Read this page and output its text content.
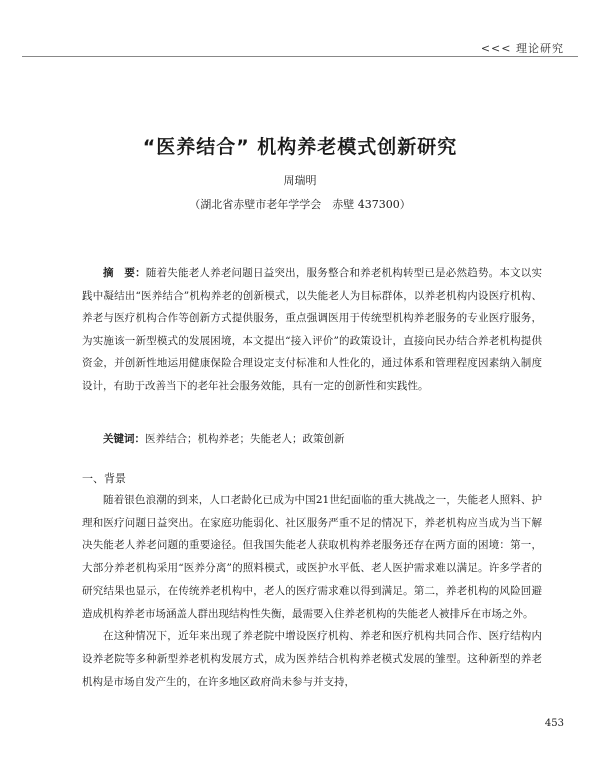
<<< 理论研究
“医养结合” 机构养老模式创新研究
周瑞明
（湖北省赤壁市老年学学会　赤壁 437300）
摘　要：随着失能老人养老问题日益突出，服务整合和养老机构转型已是必然趋势。本文以实践中凝结出“医养结合”机构养老的创新模式，以失能老人为目标群体，以养老机构内设医疗机构、养老与医疗机构合作等创新方式提供服务，重点强调医用于传统型机构养老服务的专业医疗服务，为实施该一新型模式的发展困境，本文提出“接入评价”的政策设计，直接向民办结合养老机构提供资金，并创新性地运用健康保险合理设定支付标准和人性化的，通过体系和管理程度因素纳入制度设计，有助于改善当下的老年社会服务效能，具有一定的创新性和实践性。
关键词：医养结合；机构养老；失能老人；政策创新
一、背景

随着银色浪潮的到来，人口老龄化已成为中国21世纪面临的重大挑战之一，失能老人照料、护理和医疗问题日益突出。在家庭功能弱化、社区服务严重不足的情况下，养老机构应当成为当下解决失能老人养老问题的重要途径。但我国失能老人获取机构养老服务还存在两方面的困境：第一，大部分养老机构采用“医养分离”的照料模式，或医护水平低、老人医护需求难以满足。许多学者的研究结果也显示，在传统养老机构中，老人的医疗需求难以得到满足。第二，养老机构的风险回避造成机构养老市场涵盖人群出现结构性失衡，最需要入住养老机构的失能老人被排斥在市场之外。

在这种情况下，近年来出现了养老院中增设医疗机构、养老和医疗机构共同合作、医疗结构内设养老院等多种新型养老机构发展方式，成为医养结合机构养老模式发展的雏型。这种新型的养老机构是市场自发产生的，在许多地区政府尚未参与并支持，

453
